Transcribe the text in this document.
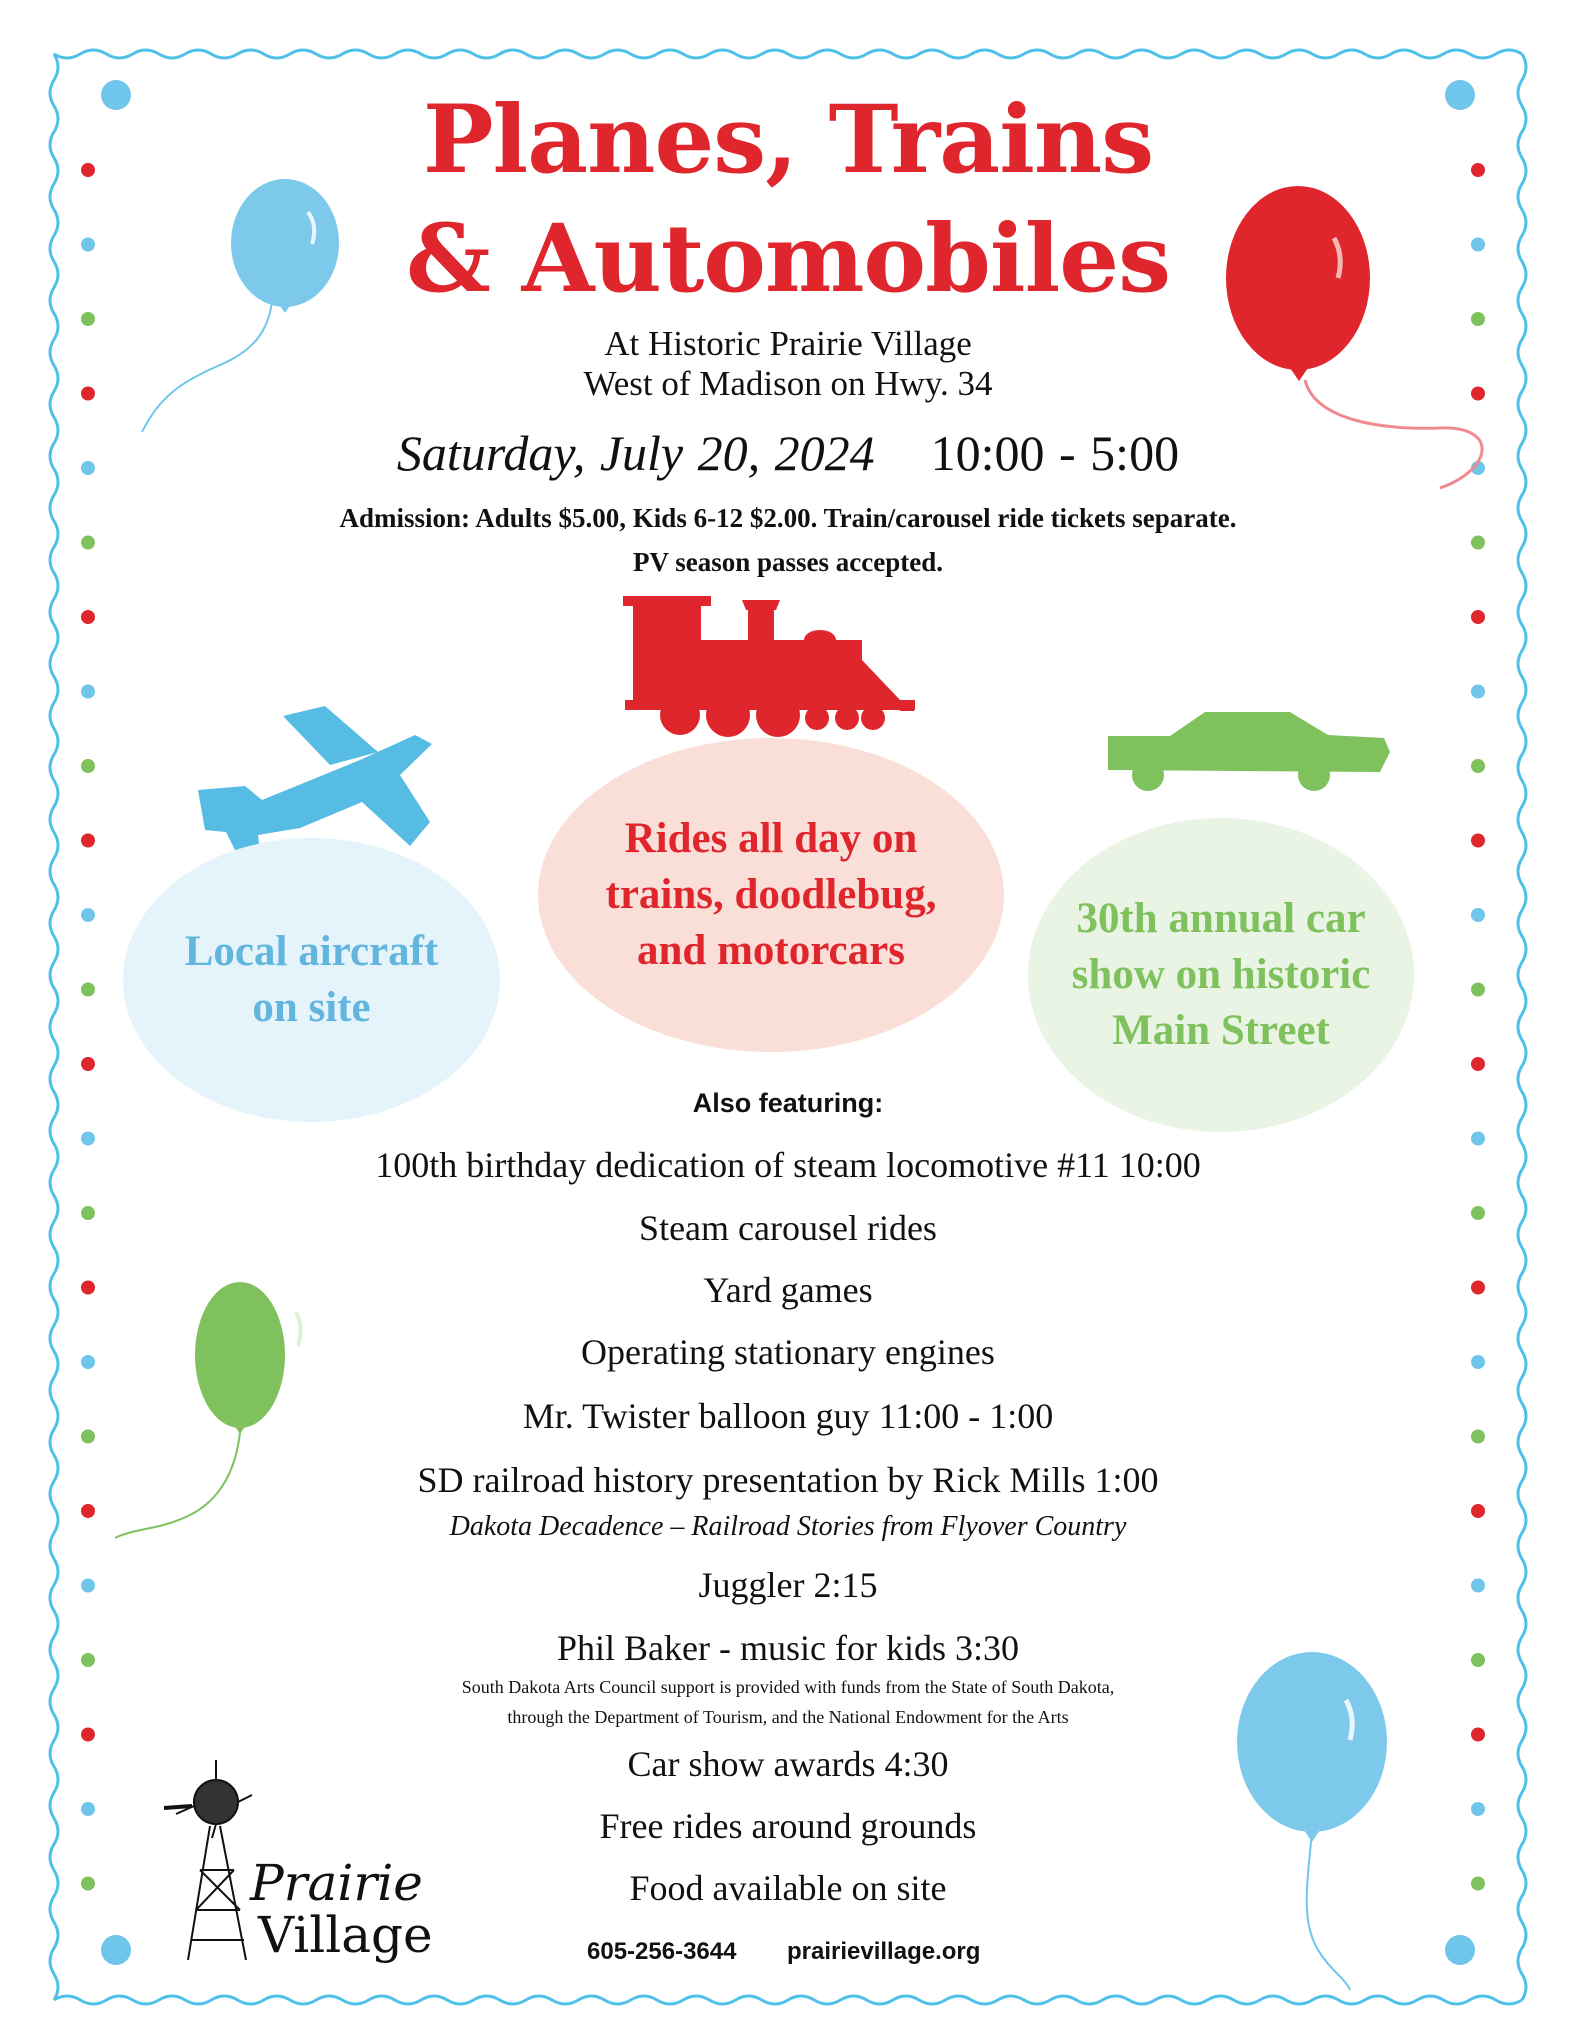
Planes, Trains
& Automobiles
At Historic Prairie Village
West of Madison on Hwy. 34
Saturday, July 20, 2024 10:00 - 5:00
Admission: Adults $5.00, Kids 6-12 $2.00. Train/carousel ride tickets separate.
PV season passes accepted.
Local aircraft
on site
Rides all day on
trains, doodlebug,
and motorcars
30th annual car
show on historic
Main Street
Also featuring:
100th birthday dedication of steam locomotive #11 10:00
Steam carousel rides
Yard games
Operating stationary engines
Mr. Twister balloon guy 11:00 - 1:00
SD railroad history presentation by Rick Mills 1:00
Dakota Decadence – Railroad Stories from Flyover Country
Juggler 2:15
Phil Baker - music for kids 3:30
South Dakota Arts Council support is provided with funds from the State of South Dakota,
through the Department of Tourism, and the National Endowment for the Arts
Car show awards 4:30
Free rides around grounds
Food available on site
Prairie
Village	605-256-3644 prairievillage.org
